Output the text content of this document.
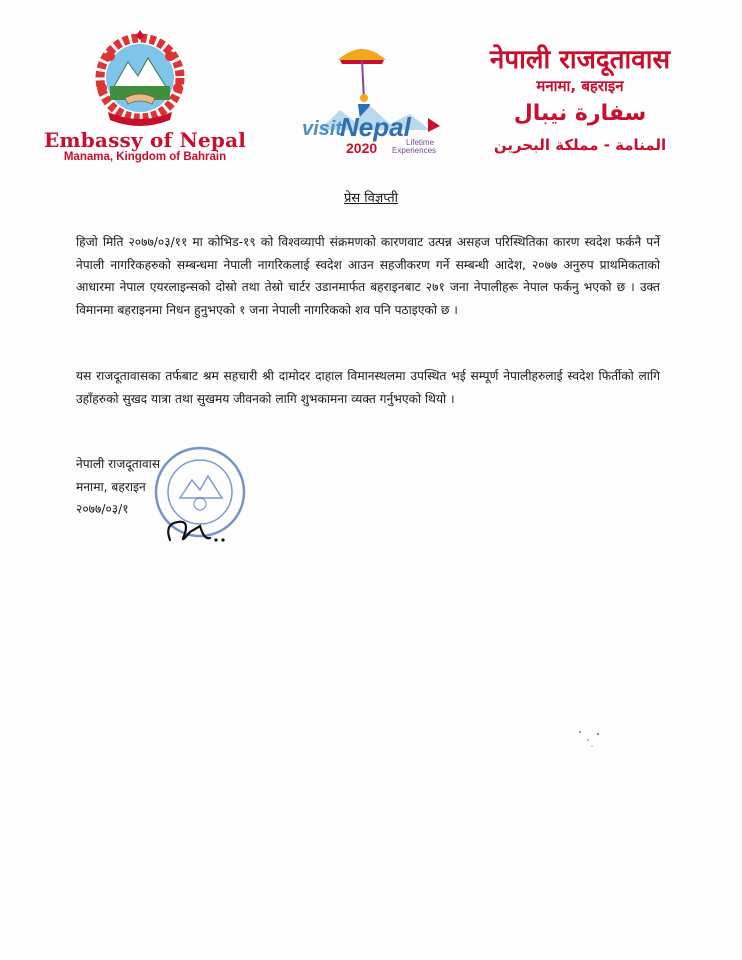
Embassy of Nepal
Manama, Kingdom of Bahrain
visit
Nepal
2020	Lifetime
Experiences
नेपाली राजदूतावास
मनामा, बहराइन
سفارة نيبال
المنامة - مملكة البحرين
प्रेस विज्ञप्ती
हिजो मिति २०७७/०३/११ मा कोभिड-१९ को विश्वव्यापी संक्रमणको कारणवाट उत्पन्न असहज परिस्थितिका कारण स्वदेश फर्कनै पर्ने नेपाली नागरिकहरुको सम्बन्धमा नेपाली नागरिकलाई स्वदेश आउन सहजीकरण गर्ने सम्बन्धी आदेश, २०७७ अनुरुप प्राथमिकताको आधारमा नेपाल एयरलाइन्सको दोस्रो तथा तेस्रो चार्टर उडानमार्फत बहराइनबाट २७१ जना नेपालीहरू नेपाल फर्कनु भएको छ । उक्त विमानमा बहराइनमा निधन हुनुभएको १ जना नेपाली नागरिकको शव पनि पठाइएको छ ।
यस राजदूतावासका तर्फबाट श्रम सहचारी श्री दामोदर दाहाल विमानस्थलमा उपस्थित भई सम्पूर्ण नेपालीहरुलाई स्वदेश फिर्तीको लागि उहाँहरुको सुखद यात्रा तथा सुखमय जीवनको लागि शुभकामना व्यक्त गर्नुभएको थियो ।
नेपाली राजदूतावास
मनामा, बहराइन
२०७७/०३/१
